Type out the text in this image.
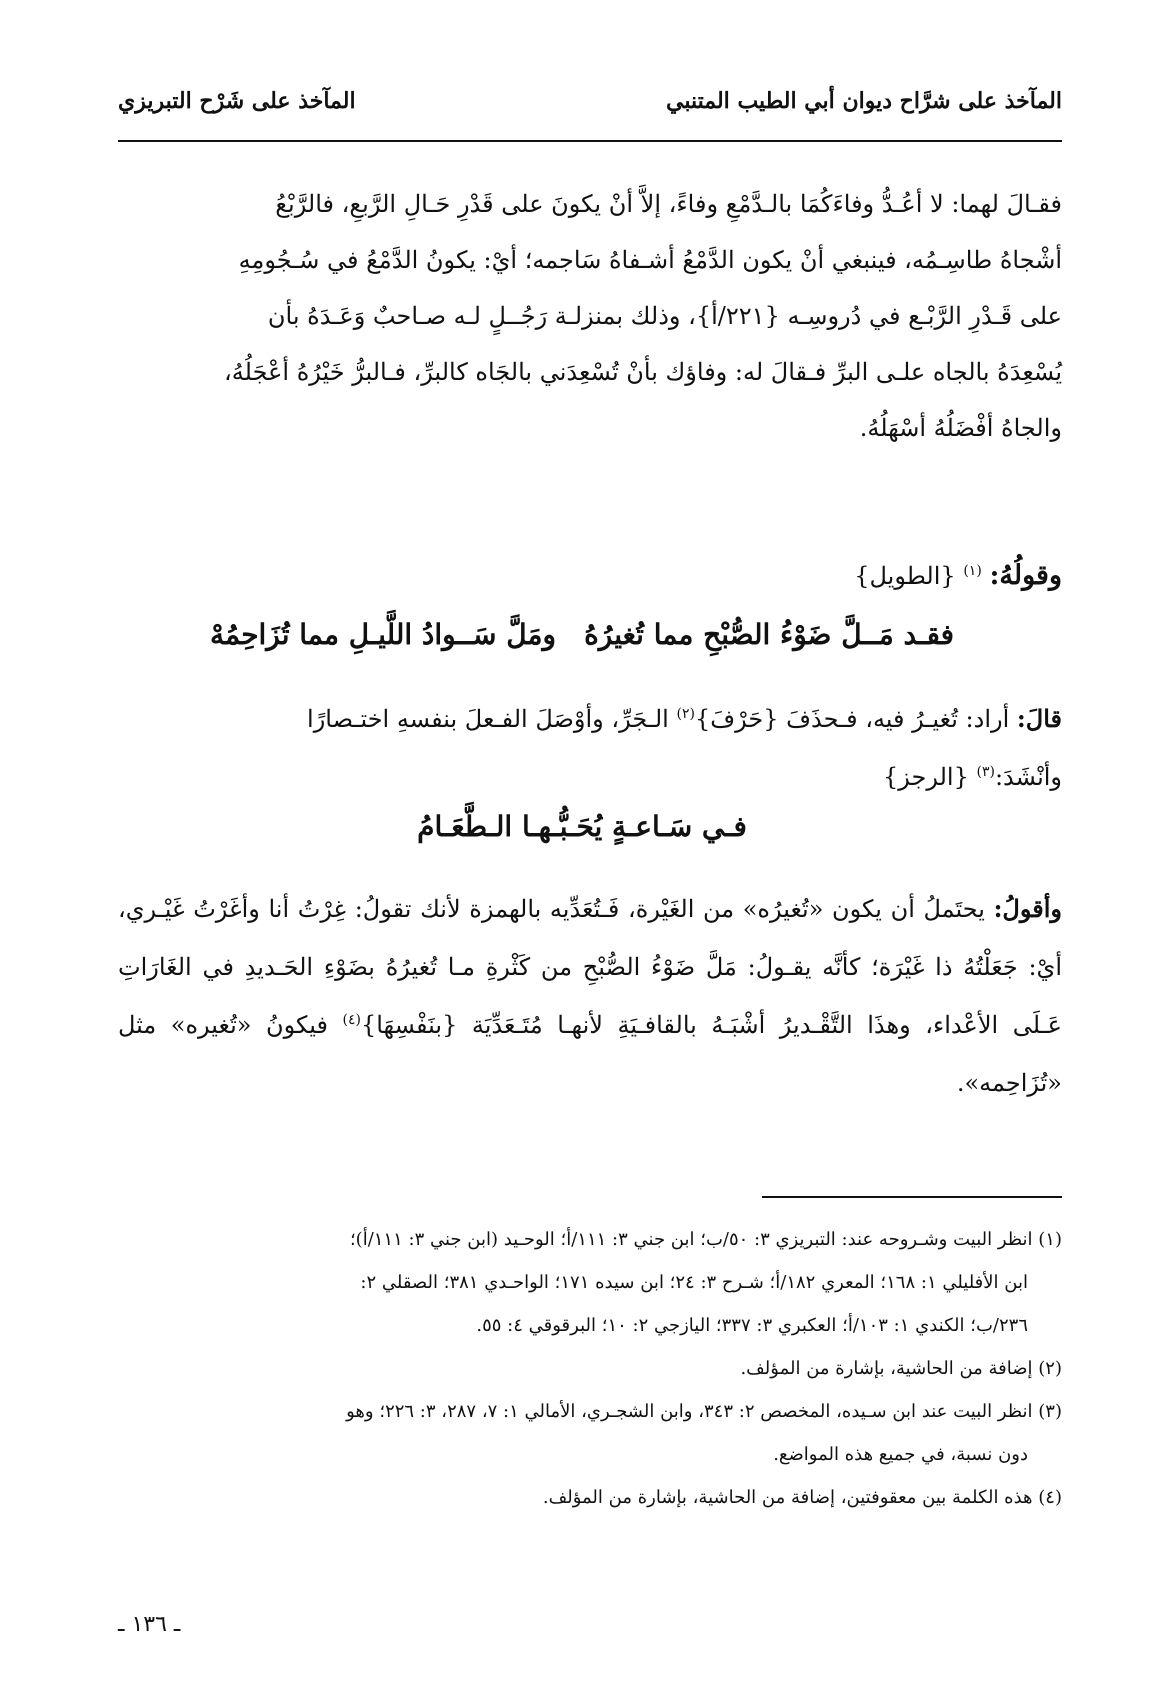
المآخذ على شرَّاح ديوان أبي الطيب المتنبي
المآخذ على شَرْح التبريزي

فقـالَ لهما: لا أعُـدُّ وفاءَكُمَا بالـدَّمْعِ وفاءً، إلاَّ أنْ يكونَ على قَدْرِ حَـالِ الرَّبعِ، فالرَّبْعُ

أشْجاهُ طاسِـمُه، فينبغي أنْ يكون الدَّمْعُ أشـفاهُ سَاجمه؛ أيْ: يكونُ الدَّمْعُ في سُـجُومِهِ

على قَـدْرِ الرَّبْـع في دُروسِـه {٢٢١/أ}، وذلك بمنزلـة رَجُــلٍ لـه صـاحبٌ وَعَـدَهُ بأن

يُسْعِدَهُ بالجاه علـى البرِّ فـقالَ له: وفاؤك بأنْ تُسْعِدَني بالجَاه كالبرِّ، فـالبرُّ خَيْرُهُ أعْجَلُهُ،

والجاهُ أفْضَلُهُ أسْهَلُهُ.

وقولُهُ: $^{(١)}$ {الطويل}
فقـد مَــلَّ ضَوْءُ الصُّبْحِ مما تُغيرُهُ
ومَلَّ سَــوادُ اللَّيـلِ مما تُزَاحِمُهْ

قالَ: أراد: تُغيـرُ فيه، فـحذَفَ {حَرْفَ}$^{(٢)}$ الـجَرِّ، وأوْصَلَ الفـعلَ بنفسهِ اختـصارًا

وأنْشَدَ:$^{(٣)}$ {الرجز}

فـي سَـاعـةٍ يُحَـبُّـهـا الـطَّعَـامُ

وأقولُ: يحتَملُ أن يكون «تُغيرُه» من الغَيْرة، فَـتُعَدِّيه بالهمزة لأنك تقولُ: غِرْتُ أنا وأغَرْتُ غَيْـري، أيْ: جَعَلْتُهُ ذا غَيْرَة؛ كأنَّه يقـولُ: مَلَّ ضَوْءُ الصُّبْحِ من كَثْرةِ مـا تُغيرُهُ بضَوْءِ الحَـديدِ في الغَارَاتِ عَـلَى الأعْداء، وهذَا التَّقْـديرُ أشْبَـهُ بالقافـيَةِ لأنهـا مُتَـعَدِّيَة {بنَفْسِهَا}$^{(٤)}$ فيكونُ «تُغيره» مثل «تُزَاحِمه».

(١) انظر البيت وشـروحه عند: التبريزي ٣: ٥٠/ب؛ ابن جني ٣: ١١١/أ؛ الوحـيد (ابن جني ٣: ١١١/أ)؛

ابن الأفليلي ١: ١٦٨؛ المعري ١٨٢/أ؛ شـرح ٣: ٢٤؛ ابن سيده ١٧١؛ الواحـدي ٣٨١؛ الصقلي ٢:

٢٣٦/ب؛ الكندي ١: ١٠٣/أ؛ العكبري ٣: ٣٣٧؛ اليازجي ٢: ١٠؛ البرقوقي ٤: ٥٥.

(٢) إضافة من الحاشية، بإشارة من المؤلف.

(٣) انظر البيت عند ابن سـيده، المخصص ٢: ٣٤٣، وابن الشجـري، الأمالي ١: ٧، ٢٨٧، ٣: ٢٢٦؛ وهو

دون نسبة، في جميع هذه المواضع.

(٤) هذه الكلمة بين معقوفتين، إضافة من الحاشية، بإشارة من المؤلف.

ـ ١٣٦ ـ
